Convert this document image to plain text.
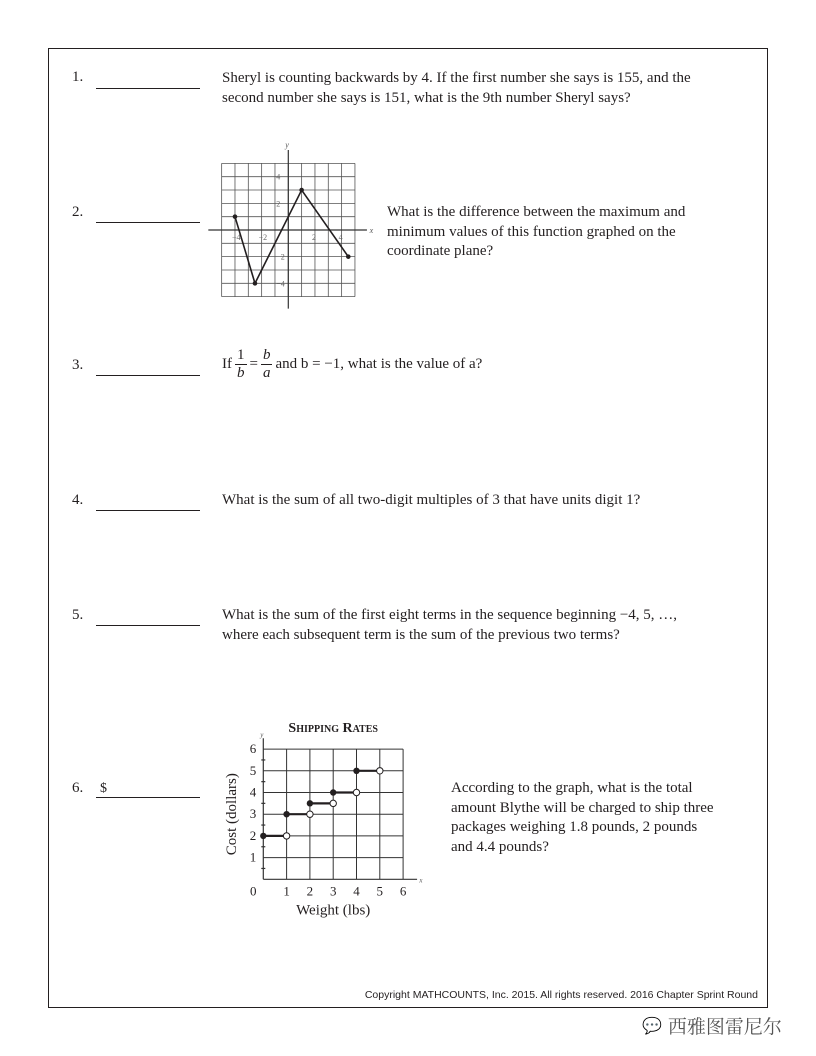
1.	Sheryl is counting backwards by 4. If the first number she says is 155, and the
second number she says is 151, what is the 9th number Sheryl says?
2.
x
y
−4 −2	2	4
4
2
−2
−4
What is the difference between the maximum and
minimum values of this function graphed on the
coordinate plane?
3.	If $\frac{1}{b} = \frac{b}{a}$ and b = −1, what is the value of a?
4.	What is the sum of all two-digit multiples of 3 that have units digit 1?
5.	What is the sum of the first eight terms in the sequence beginning −4, 5, …,
where each subsequent term is the sum of the previous two terms?
6. $
Shipping Rates
x
y
0 1 2 3 4 5 6
1
2
3
4
5
6
Weight (lbs)
Cost (dollars)	According to the graph, what is the total
amount Blythe will be charged to ship three
packages weighing 1.8 pounds, 2 pounds
and 4.4 pounds?
Copyright MATHCOUNTS, Inc. 2015. All rights reserved. 2016 Chapter Sprint Round
💬 西雅图雷尼尔
